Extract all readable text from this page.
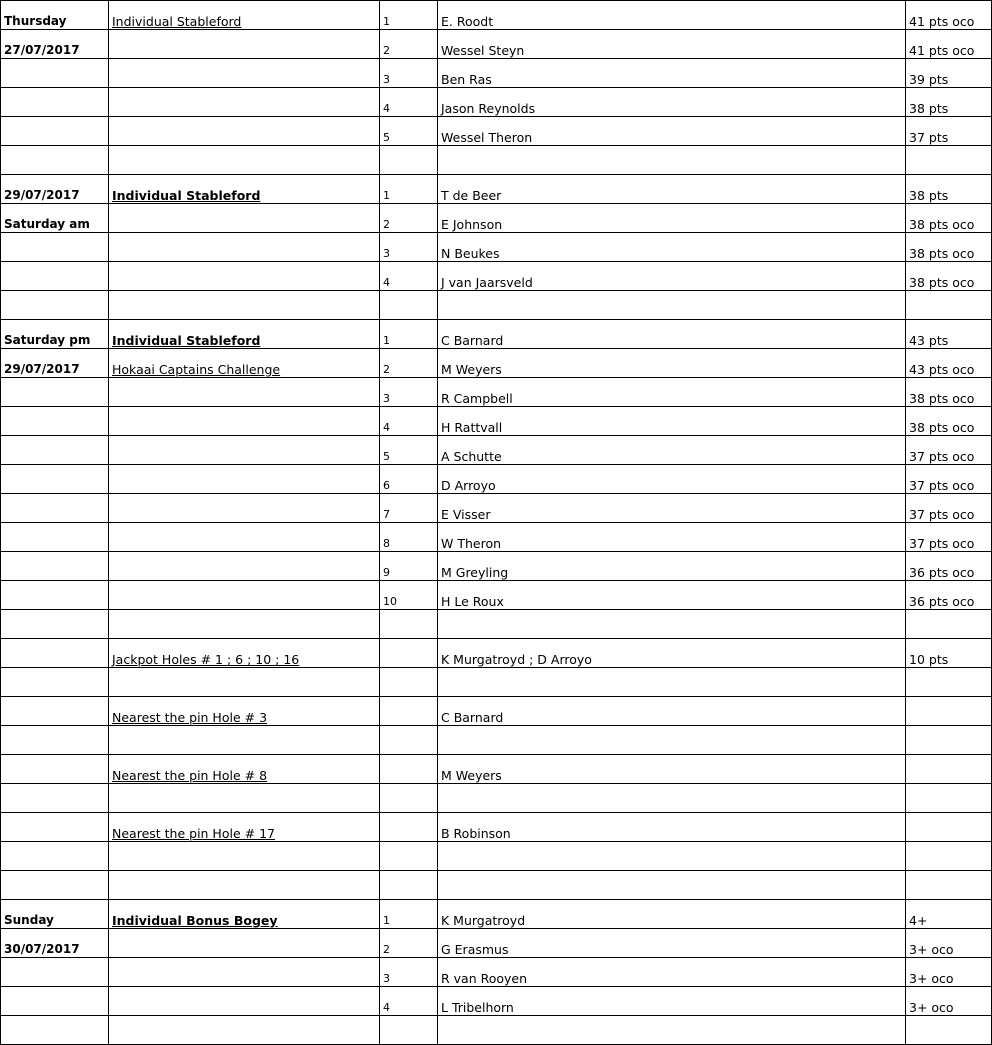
Thursday	Individual Stableford	1	E. Roodt	41 pts oco
27/07/2017		2	Wessel Steyn	41 pts oco
		3	Ben Ras	39 pts
		4	Jason Reynolds	38 pts
		5	Wessel Theron	37 pts

29/07/2017	Individual Stableford	1	T de Beer	38 pts
Saturday am		2	E Johnson	38 pts oco
		3	N Beukes	38 pts oco
		4	J van Jaarsveld	38 pts oco

Saturday pm	Individual Stableford	1	C Barnard	43 pts
29/07/2017	Hokaai Captains Challenge	2	M Weyers	43 pts oco
		3	R Campbell	38 pts oco
		4	H Rattvall	38 pts oco
		5	A Schutte	37 pts oco
		6	D Arroyo	37 pts oco
		7	E Visser	37 pts oco
		8	W Theron	37 pts oco
		9	M Greyling	36 pts oco
		10	H Le Roux	36 pts oco

	Jackpot Holes # 1 ; 6 ; 10 ; 16		K Murgatroyd ; D Arroyo	10 pts

	Nearest the pin Hole # 3		C Barnard	

	Nearest the pin Hole # 8		M Weyers	

	Nearest the pin Hole # 17		B Robinson	

Sunday	Individual Bonus Bogey	1	K Murgatroyd	4+
30/07/2017		2	G Erasmus	3+ oco
		3	R van Rooyen	3+ oco
		4	L Tribelhorn	3+ oco
